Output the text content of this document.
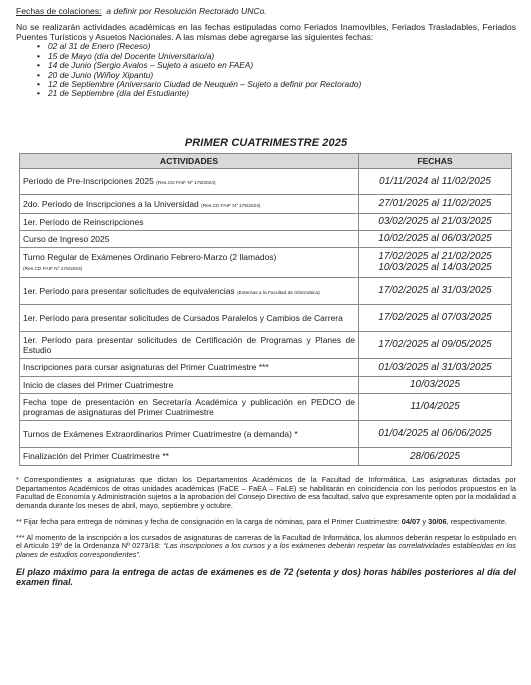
Fechas de colaciones: a definir por Resolución Rectorado UNCo.

No se realizarán actividades académicas en las fechas estipuladas como Feriados Inamovibles, Feriados Trasladables, Feriados Puentes Turísticos y Asuetos Nacionales. A las mismas debe agregarse las siguientes fechas:

• 02 al 31 de Enero (Receso)
• 15 de Mayo (día del Docente Universitario/a)
• 14 de Junio (Sergio Avalos – Sujeto a asueto en FAEA)
• 20 de Junio (Wiñoy Xipantu)
• 12 de Septiembre (Aniversario Ciudad de Neuquén – Sujeto a definir por Rectorado)
• 21 de Septiembre (día del Estudiante)
PRIMER CUATRIMESTRE 2025
ACTIVIDADES	FECHAS
Período de Pre-Inscripciones 2025 (Res.CD FAIF Nº 175/2024)	01/11/2024 al 11/02/2025
2do. Período de Inscripciones a la Universidad (Res.CD FAIF Nº 175/2024)	27/01/2025 al 11/02/2025
1er. Período de Reinscripciones	03/02/2025 al 21/03/2025
Curso de Ingreso 2025	10/02/2025 al 06/03/2025
Turno Regular de Exámenes Ordinario Febrero-Marzo (2 llamados)
(Res.CD FAIF Nº 175/2024)	17/02/2025 al 21/02/2025
10/03/2025 al 14/03/2025
1er. Período para presentar solicitudes de equivalencias (Externas a la Facultad de Informática)	17/02/2025 al 31/03/2025
1er. Período para presentar solicitudes de Cursados Paralelos y Cambios de Carrera	17/02/2025 al 07/03/2025
1er. Período para presentar solicitudes de Certificación de Programas y Planes de Estudio	17/02/2025 al 09/05/2025
Inscripciones para cursar asignaturas del Primer Cuatrimestre ***	01/03/2025 al 31/03/2025
Inicio de clases del Primer Cuatrimestre	10/03/2025
Fecha tope de presentación en Secretaría Académica y publicación en PEDCO de programas de asignaturas del Primer Cuatrimestre	11/04/2025
Turnos de Exámenes Extraordinarios Primer Cuatrimestre (a demanda) *	01/04/2025 al 06/06/2025
Finalización del Primer Cuatrimestre **	28/06/2025

* Correspondientes a asignaturas que dictan los Departamentos Académicos de la Facultad de Informática. Las asignaturas dictadas por Departamentos Académicos de otras unidades académicas (FaCE – FaEA – FaLE) se habilitarán en coincidencia con los períodos propuestos en la Facultad de Economía y Administración sujetos a la aprobación del Consejo Directivo de esa facultad, salvo que expresamente opten por la modalidad a demanda durante los meses de abril, mayo, septiembre y octubre.

** Fijar fecha para entrega de nóminas y fecha de consignación en la carga de nóminas, para el Primer Cuatrimestre: 04/07 y 30/06, respectivamente.

*** Al momento de la inscripción a los cursados de asignaturas de carreras de la Facultad de Informática, los alumnos deberán respetar lo estipulado en el Artículo 19º de la Ordenanza Nº 0273/18: “Las inscripciones a los cursos y a los exámenes deberán respetar las correlatividades establecidas en los planes de estudios correspondientes”.

El plazo máximo para la entrega de actas de exámenes es de 72 (setenta y dos) horas hábiles posteriores al día del examen final.
